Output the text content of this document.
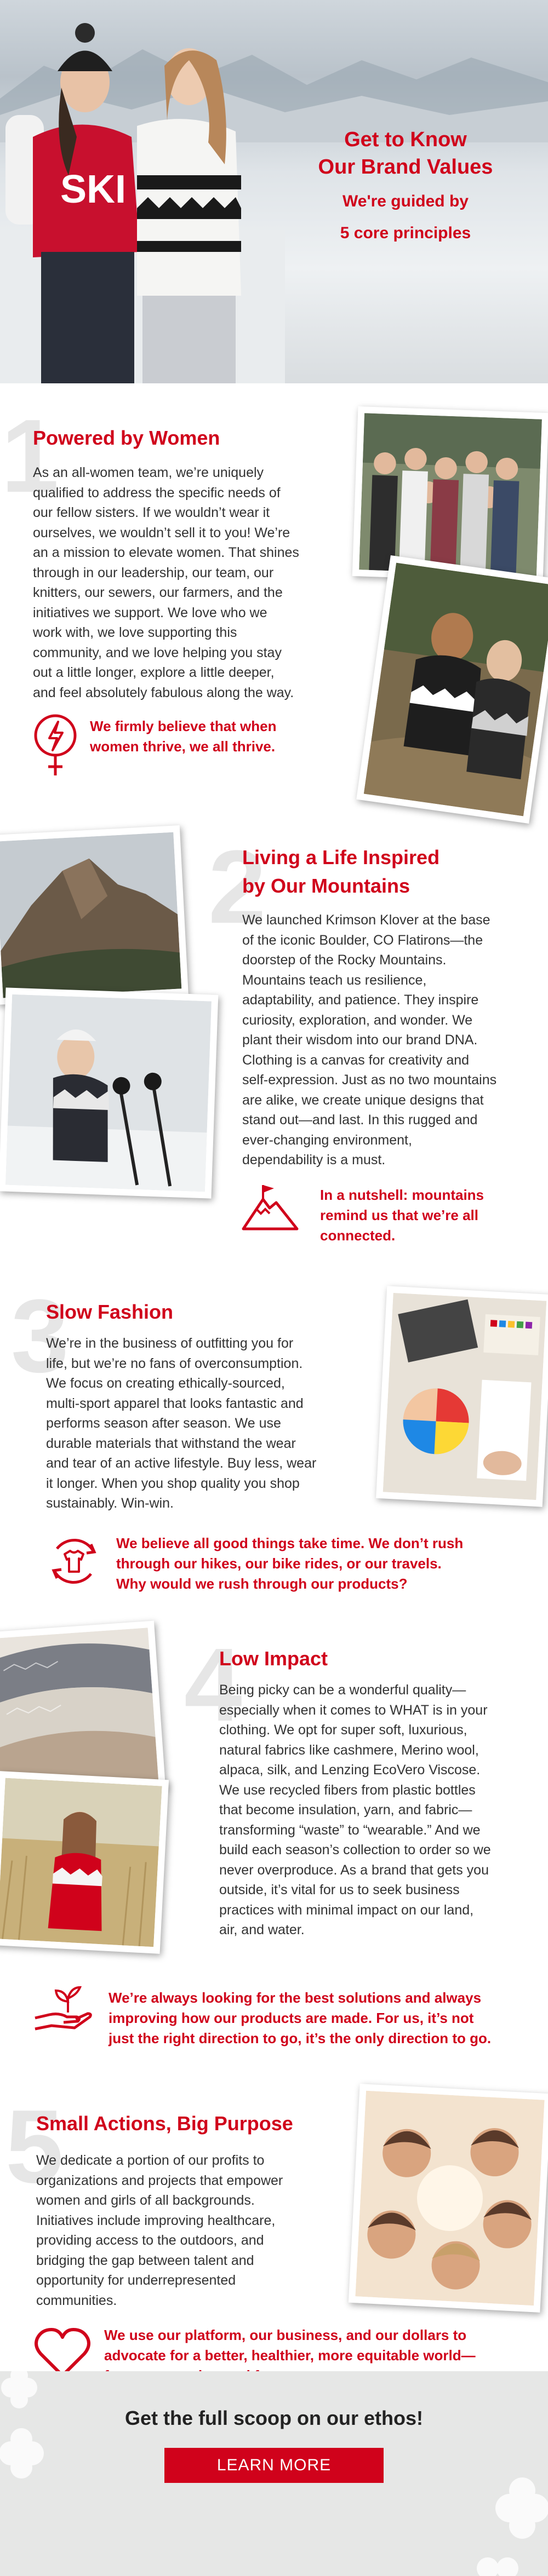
SKI
Get to Know
Our Brand Values
We're guided by
5 core principles
1
Powered by Women
As an all-women team, we’re uniquely
qualified to address the specific needs of
our fellow sisters. If we wouldn’t wear it
ourselves, we wouldn’t sell it to you! We’re
an a mission to elevate women. That shines
through in our leadership, our team, our
knitters, our sewers, our farmers, and the
initiatives we support. We love who we
work with, we love supporting this
community, and we love helping you stay
out a little longer, explore a little deeper,
and feel absolutely fabulous along the way.
We firmly believe that when
women thrive, we all thrive.
2
Living a Life Inspired
by Our Mountains
We launched Krimson Klover at the base
of the iconic Boulder, CO Flatirons—the
doorstep of the Rocky Mountains.
Mountains teach us resilience,
adaptability, and patience. They inspire
curiosity, exploration, and wonder. We
plant their wisdom into our brand DNA.
Clothing is a canvas for creativity and
self-expression. Just as no two mountains
are alike, we create unique designs that
stand out—and last. In this rugged and
ever-changing environment,
dependability is a must.
In a nutshell: mountains
remind us that we’re all
connected.
3
Slow Fashion
We’re in the business of outfitting you for
life, but we’re no fans of overconsumption.
We focus on creating ethically-sourced,
multi-sport apparel that looks fantastic and
performs season after season. We use
durable materials that withstand the wear
and tear of an active lifestyle. Buy less, wear
it longer. When you shop quality you shop
sustainably. Win-win.
We believe all good things take time. We don’t rush
through our hikes, our bike rides, or our travels.
Why would we rush through our products?
4
Low Impact
Being picky can be a wonderful quality—
especially when it comes to WHAT is in your
clothing. We opt for super soft, luxurious,
natural fabrics like cashmere, Merino wool,
alpaca, silk, and Lenzing EcoVero Viscose.
We use recycled fibers from plastic bottles
that become insulation, yarn, and fabric—
transforming “waste” to “wearable.” And we
build each season’s collection to order so we
never overproduce. As a brand that gets you
outside, it’s vital for us to seek business
practices with minimal impact on our land,
air, and water.
We’re always looking for the best solutions and always
improving how our products are made. For us, it’s not
just the right direction to go, it’s the only direction to go.
5
Small Actions, Big Purpose
We dedicate a portion of our profits to
organizations and projects that empower
women and girls of all backgrounds.
Initiatives include improving healthcare,
providing access to the outdoors, and
bridging the gap between talent and
opportunity for underrepresented
communities.
We use our platform, our business, and our dollars to
advocate for a better, healthier, more equitable world—
Get the full scoop on our ethos!
LEARN MORE
